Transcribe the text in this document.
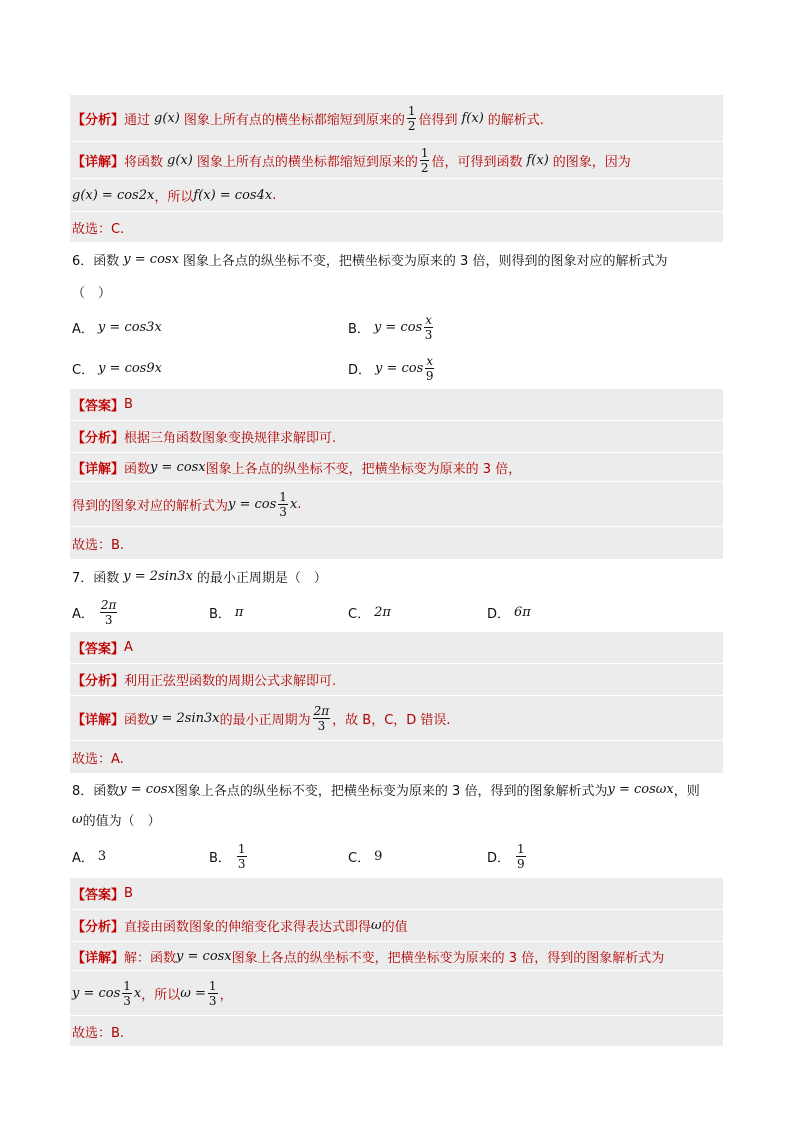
【分析】 通过 g(x) 图象上所有点的横坐标都缩短到原来的 $\frac{1}{2}$ 倍得到 f(x) 的解析式.
【详解】 将函数 g(x) 图象上所有点的横坐标都缩短到原来的 $\frac{1}{2}$ 倍，可得到函数 f(x) 的图象，因为
g(x) = cos2x ，所以 f(x) = cos4x .
故选：C.
6． 函数 y = cosx 图象上各点的纵坐标不变，把横坐标变为原来的 3 倍，则得到的图象对应的解析式为
（　）
A． y = cos3x	B． $y = \cos \frac{x}{3}$
C． y = cos9x	D． $y = \cos \frac{x}{9}$
【答案】 B
【分析】 根据三角函数图象变换规律求解即可.
【详解】 函数 y = cosx 图象上各点的纵坐标不变，把横坐标变为原来的 3 倍，
得到的图象对应的解析式为 $y = \cos \frac{1}{3}$ x .
故选：B.
7． 函数 y = 2sin3x 的最小正周期是（　）
A． $\frac{2\pi}{3}$	B． π	C． 2π	D． 6π
【答案】 A
【分析】 利用正弦型函数的周期公式求解即可.
【详解】 函数 y = 2sin3x 的最小正周期为 $\frac{2\pi}{3}$ ，故 B，C，D 错误.
故选：A.
8． 函数 y = cosx 图象上各点的纵坐标不变，把横坐标变为原来的 3 倍，得到的图象解析式为 y = cosωx ，则
ω 的值为（　）
A． 3	B． $\frac{1}{3}$	C． 9	D． $\frac{1}{9}$
【答案】 B
【分析】 直接由函数图象的伸缩变化求得表达式即得 ω 的值
【详解】 解：函数 y = cosx 图象上各点的纵坐标不变，把横坐标变为原来的 3 倍，得到的图象解析式为
$y = \cos \frac{1}{3}$ x ，所以 $\omega = \frac{1}{3}$ ，
故选：B.
